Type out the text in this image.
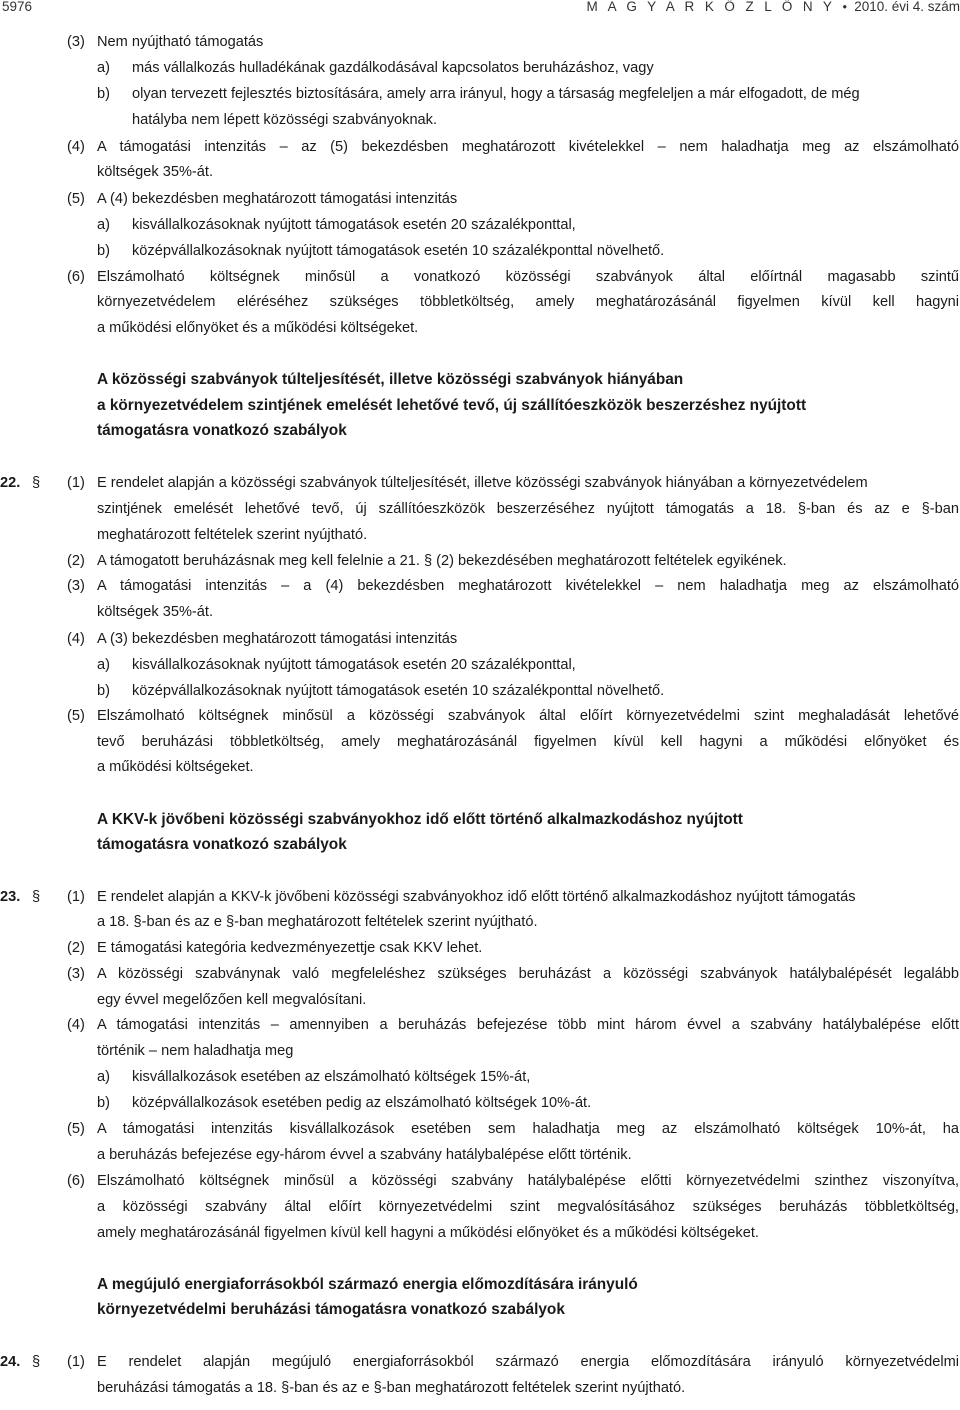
5976	M A G Y A R K Ö Z L Ö N Y ● 2010. évi 4. szám
(3) Nem nyújtható támogatás
a) más vállalkozás hulladékának gazdálkodásával kapcsolatos beruházáshoz, vagy
b) olyan tervezett fejlesztés biztosítására, amely arra irányul, hogy a társaság megfeleljen a már elfogadott, de még
hatályba nem lépett közösségi szabványoknak.
(4) A támogatási intenzitás – az (5) bekezdésben meghatározott kivételekkel – nem haladhatja meg az elszámolható
költségek 35%-át.
(5) A (4) bekezdésben meghatározott támogatási intenzitás
a) kisvállalkozásoknak nyújtott támogatások esetén 20 százalékponttal,
b) középvállalkozásoknak nyújtott támogatások esetén 10 százalékponttal növelhető.
(6) Elszámolható költségnek minősül a vonatkozó közösségi szabványok által előírtnál magasabb szintű
környezetvédelem eléréséhez szükséges többletköltség, amely meghatározásánál figyelmen kívül kell hagyni
a működési előnyöket és a működési költségeket.
A közösségi szabványok túlteljesítését, illetve közösségi szabványok hiányában
a környezetvédelem szintjének emelését lehetővé tevő, új szállítóeszközök beszerzéshez nyújtott
támogatásra vonatkozó szabályok
22. § (1) E rendelet alapján a közösségi szabványok túlteljesítését, illetve közösségi szabványok hiányában a környezetvédelem
szintjének emelését lehetővé tevő, új szállítóeszközök beszerzéséhez nyújtott támogatás a 18. §-ban és az e §-ban
meghatározott feltételek szerint nyújtható.
(2) A támogatott beruházásnak meg kell felelnie a 21. § (2) bekezdésében meghatározott feltételek egyikének.
(3) A támogatási intenzitás – a (4) bekezdésben meghatározott kivételekkel – nem haladhatja meg az elszámolható
költségek 35%-át.
(4) A (3) bekezdésben meghatározott támogatási intenzitás
a) kisvállalkozásoknak nyújtott támogatások esetén 20 százalékponttal,
b) középvállalkozásoknak nyújtott támogatások esetén 10 százalékponttal növelhető.
(5) Elszámolható költségnek minősül a közösségi szabványok által előírt környezetvédelmi szint meghaladását lehetővé
tevő beruházási többletköltség, amely meghatározásánál figyelmen kívül kell hagyni a működési előnyöket és
a működési költségeket.
A KKV-k jövőbeni közösségi szabványokhoz idő előtt történő alkalmazkodáshoz nyújtott
támogatásra vonatkozó szabályok
23. § (1) E rendelet alapján a KKV-k jövőbeni közösségi szabványokhoz idő előtt történő alkalmazkodáshoz nyújtott támogatás
a 18. §-ban és az e §-ban meghatározott feltételek szerint nyújtható.
(2) E támogatási kategória kedvezményezettje csak KKV lehet.
(3) A közösségi szabványnak való megfeleléshez szükséges beruházást a közösségi szabványok hatálybalépését legalább
egy évvel megelőzően kell megvalósítani.
(4) A támogatási intenzitás – amennyiben a beruházás befejezése több mint három évvel a szabvány hatálybalépése előtt
történik – nem haladhatja meg
a) kisvállalkozások esetében az elszámolható költségek 15%-át,
b) középvállalkozások esetében pedig az elszámolható költségek 10%-át.
(5) A támogatási intenzitás kisvállalkozások esetében sem haladhatja meg az elszámolható költségek 10%-át, ha
a beruházás befejezése egy-három évvel a szabvány hatálybalépése előtt történik.
(6) Elszámolható költségnek minősül a közösségi szabvány hatálybalépése előtti környezetvédelmi szinthez viszonyítva,
a közösségi szabvány által előírt környezetvédelmi szint megvalósításához szükséges beruházás többletköltség,
amely meghatározásánál figyelmen kívül kell hagyni a működési előnyöket és a működési költségeket.
A megújuló energiaforrásokból származó energia előmozdítására irányuló
környezetvédelmi beruházási támogatásra vonatkozó szabályok
24. § (1) E rendelet alapján megújuló energiaforrásokból származó energia előmozdítására irányuló környezetvédelmi
beruházási támogatás a 18. §-ban és az e §-ban meghatározott feltételek szerint nyújtható.
